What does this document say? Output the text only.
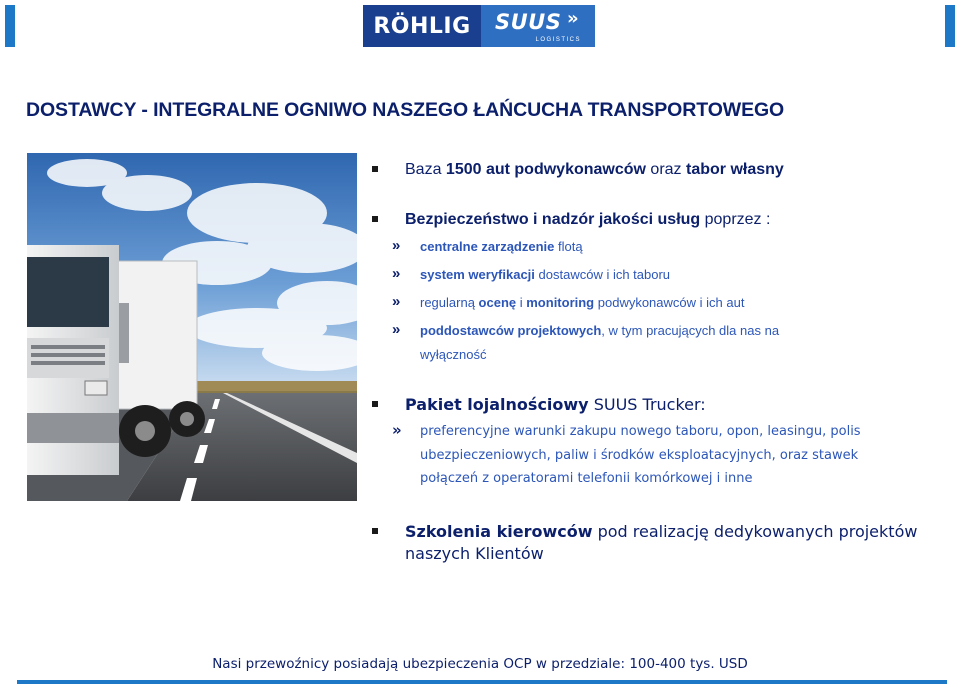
RÖHLIG	SUUS »
LOGISTICS
DOSTAWCY - INTEGRALNE OGNIWO NASZEGO ŁAŃCUCHA TRANSPORTOWEGO
Baza 1500 aut podwykonawców oraz tabor własny
Bezpieczeństwo i nadzór jakości usług poprzez :
» centralne zarządzenie flotą
» system weryfikacji dostawców i ich taboru
» regularną ocenę i monitoring podwykonawców i ich aut
» poddostawców projektowych, w tym pracujących dla nas na
wyłączność
Pakiet lojalnościowy SUUS Trucker:
» preferencyjne warunki zakupu nowego taboru, opon, leasingu, polis
ubezpieczeniowych, paliw i środków eksploatacyjnych, oraz stawek
połączeń z operatorami telefonii komórkowej i inne
Szkolenia kierowców pod realizację dedykowanych projektów
naszych Klientów
Nasi przewoźnicy posiadają ubezpieczenia OCP w przedziale: 100-400 tys. USD
